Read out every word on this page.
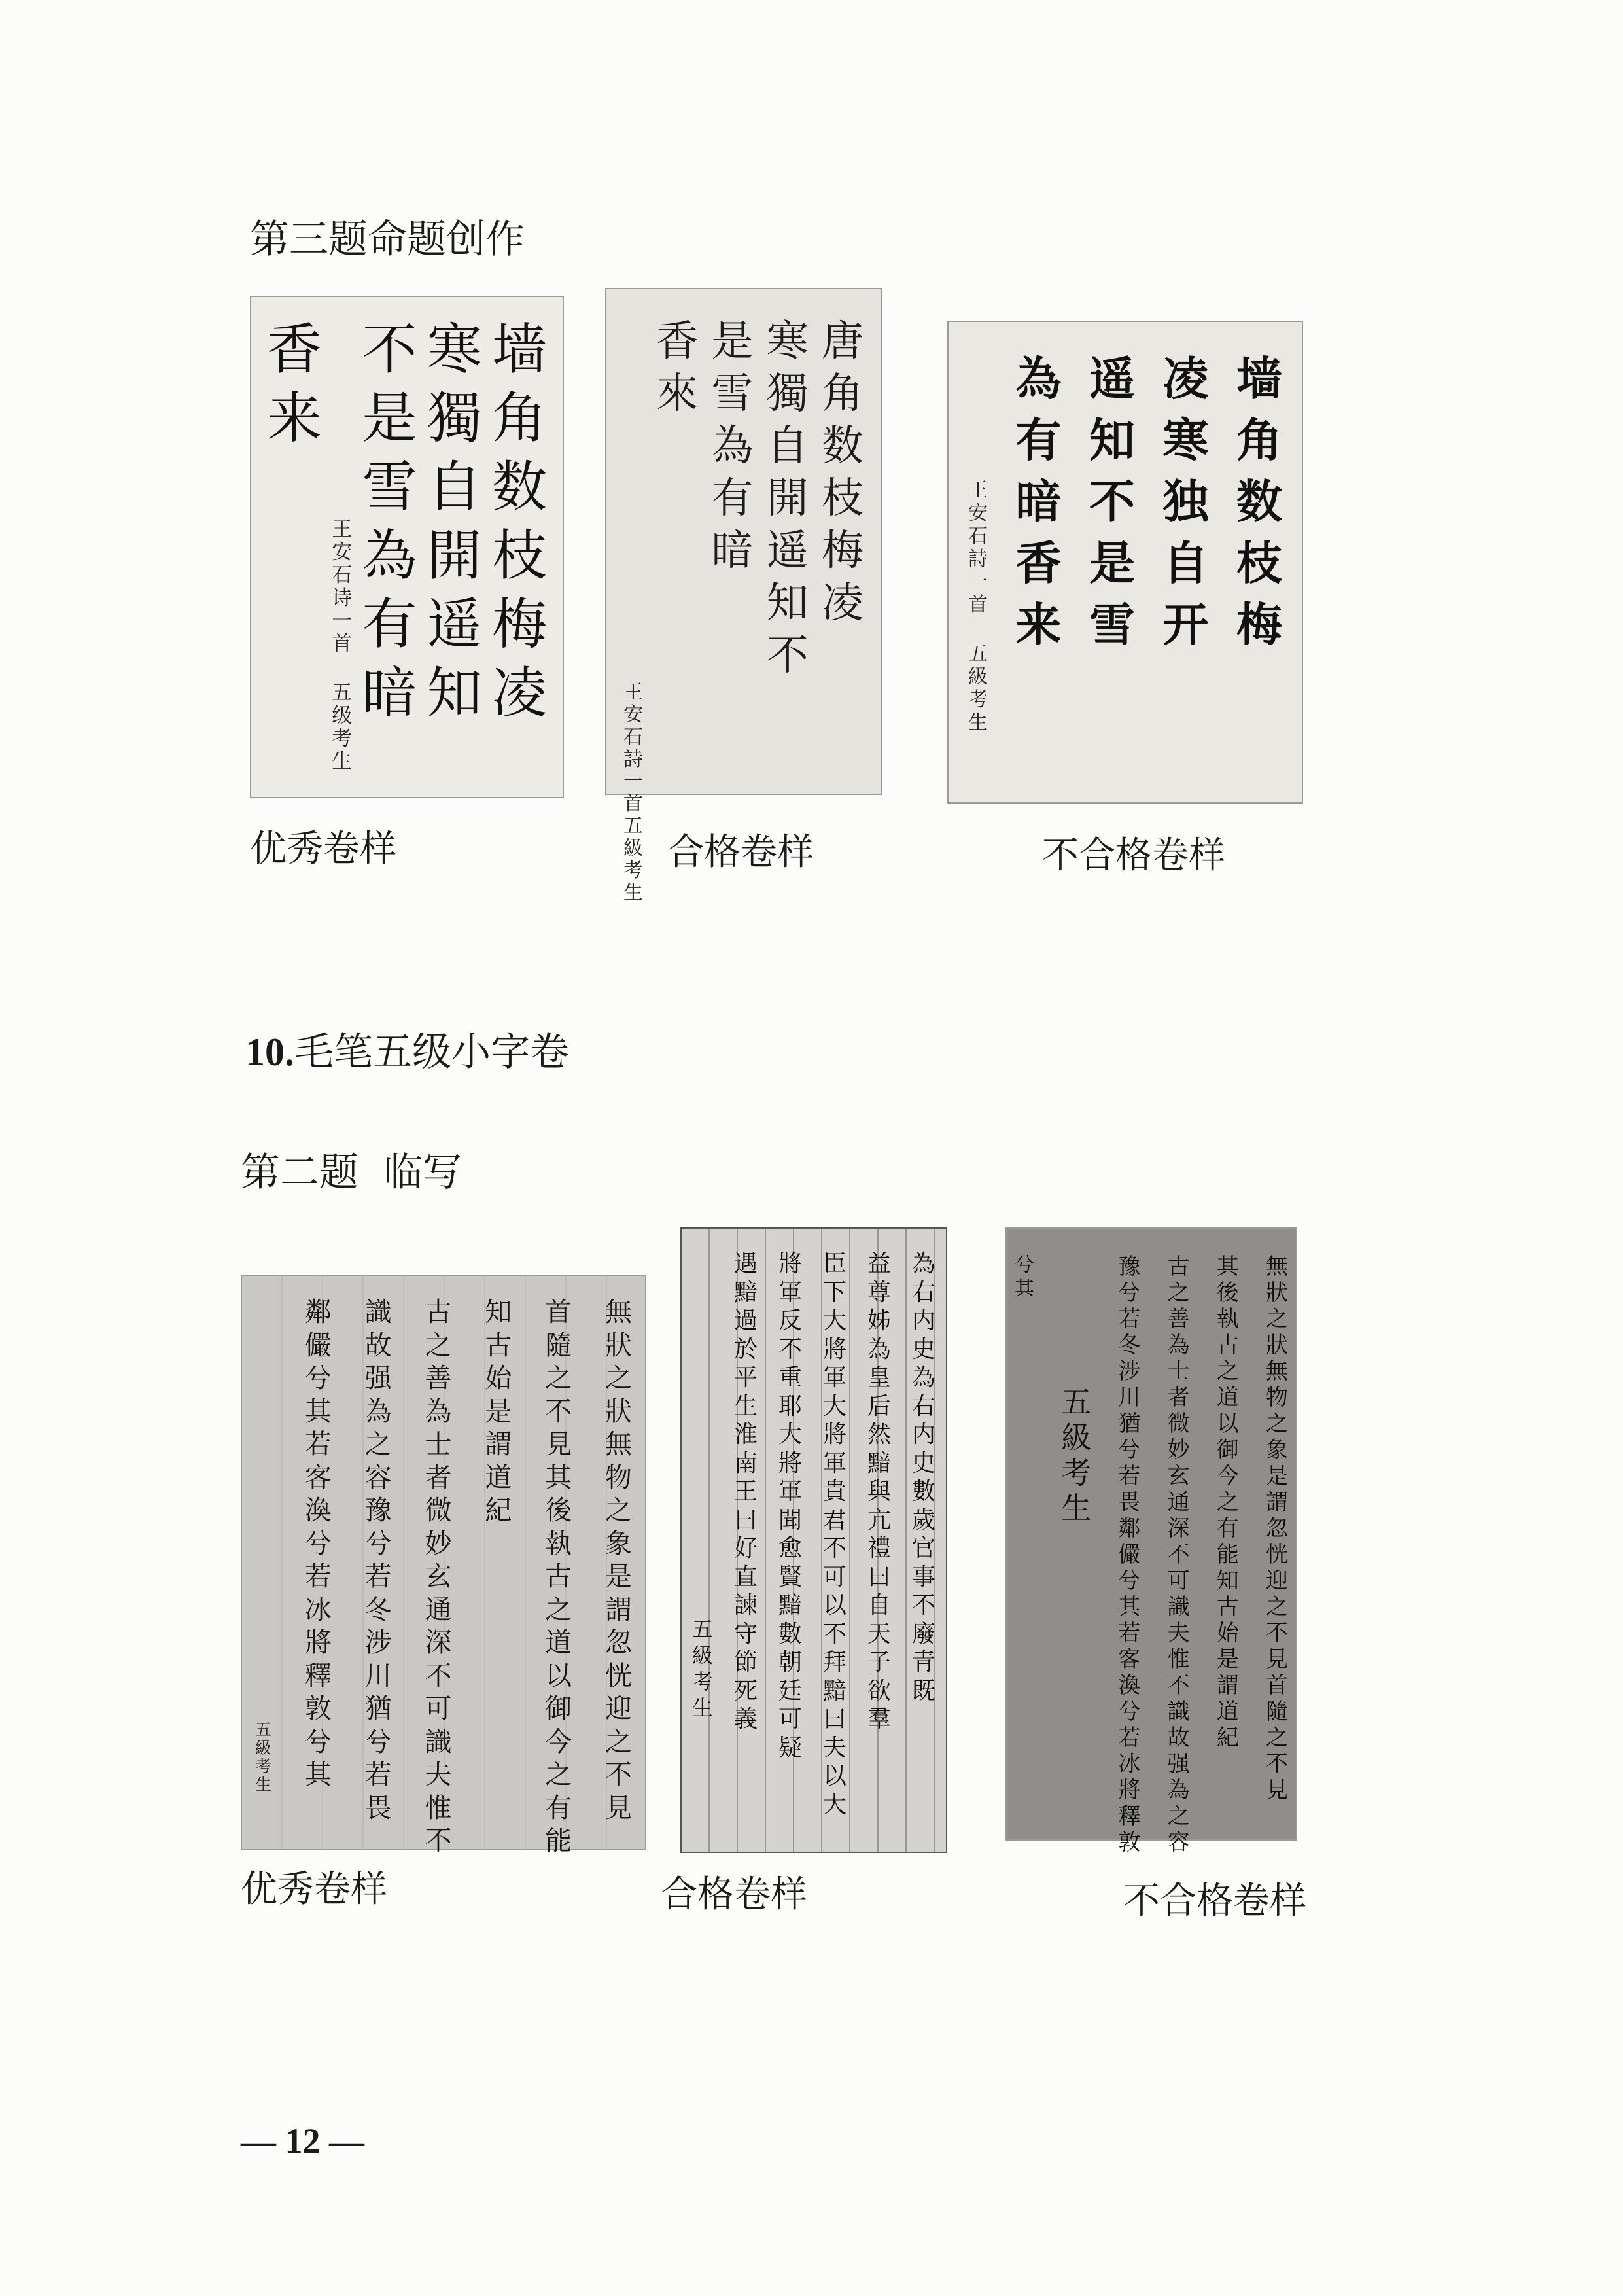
第三题命题创作
墙
角
数
枝
梅
凌
寒
獨
自
開
遥
知
不
是
雪
為
有
暗
王
安
石
诗
一
首
五
级
考
生
香
来
唐
角
数
枝
梅
凌
寒
獨
自
開
遥
知
不
是
雪
為
有
暗
香
來
王
安
石
詩
一
首
五
級
考
生
墙
角
数
枝
梅
凌
寒
独
自
开
遥
知
不
是
雪
為
有
暗
香
来
王
安
石
詩
一
首
五
級
考
生
优秀卷样	合格卷样	不合格卷样
10.毛笔五级小字卷
第二题  临写
無
狀
之
狀
無
物
之
象
是
謂
忽
恍
迎
之
不
見
首
隨
之
不
見
其
後
執
古
之
道
以
御
今
之
有
能
知
古
始
是
謂
道
紀
古
之
善
為
士
者
微
妙
玄
通
深
不
可
識
夫
惟
不
識
故
强
為
之
容
豫
兮
若
冬
涉
川
猶
兮
若
畏
鄰
儼
兮
其
若
客
渙
兮
若
冰
將
釋
敦
兮
其
五
級
考
生
為
右
内
史
為
右
内
史
數
歲
官
事
不
廢
青
既
益
尊
姊
為
皇
后
然
黯
與
亢
禮
曰
自
天
子
欲
羣
臣
下
大
將
軍
大
將
軍
貴
君
不
可
以
不
拜
黯
曰
夫
以
大
將
軍
反
不
重
耶
大
將
軍
聞
愈
賢
黯
數
朝
廷
可
疑
遇
黯
過
於
平
生
淮
南
王
曰
好
直
諫
守
節
死
義
五
級
考
生
無
狀
之
狀
無
物
之
象
是
謂
忽
恍
迎
之
不
見
首
隨
之
不
見
其
後
執
古
之
道
以
御
今
之
有
能
知
古
始
是
謂
道
紀
古
之
善
為
士
者
微
妙
玄
通
深
不
可
識
夫
惟
不
識
故
强
為
之
容
豫
兮
若
冬
涉
川
猶
兮
若
畏
鄰
儼
兮
其
若
客
渙
兮
若
冰
將
釋
敦
五
級
考
生
兮
其
优秀卷样	合格卷样	不合格卷样
— 12 —
